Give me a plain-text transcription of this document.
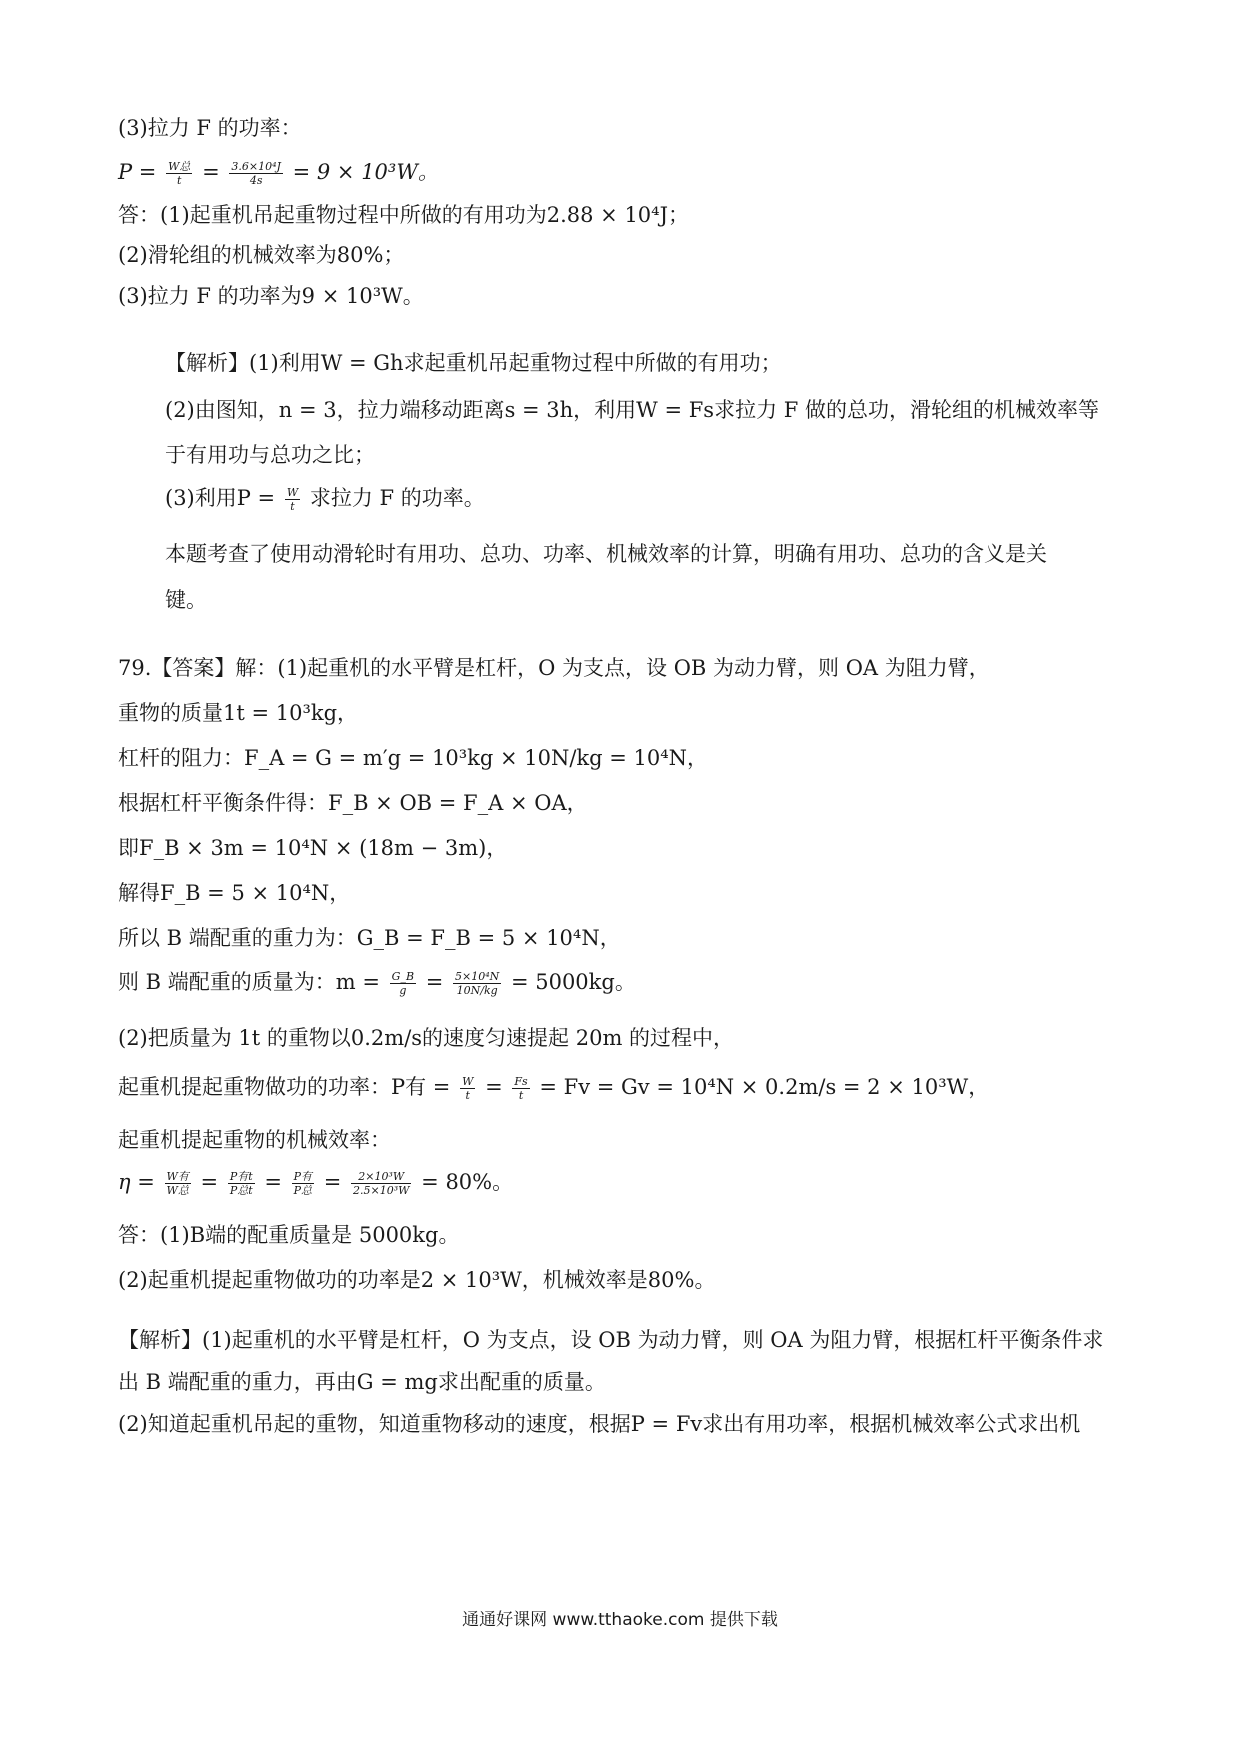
(3)拉力 F 的功率：
$P = \frac{\text{W总}}{t} = \frac{\text{3.6×10⁴J}}{4s} = 9 \times 10^3W$。
答：(1)起重机吊起重物过程中所做的有用功为2.88 × 10⁴J；
(2)滑轮组的机械效率为80%；
(3)拉力 F 的功率为9 × 10³W。
【解析】(1)利用W = Gh求起重机吊起重物过程中所做的有用功；
(2)由图知，n = 3，拉力端移动距离s = 3h，利用W = Fs求拉力 F 做的总功，滑轮组的机械效率等
于有用功与总功之比；
(3)利用$P = \frac{W}{t}$ 求拉力 F 的功率。
本题考查了使用动滑轮时有用功、总功、功率、机械效率的计算，明确有用功、总功的含义是关
键。
79.【答案】解：(1)起重机的水平臂是杠杆，O 为支点，设 OB 为动力臂，则 OA 为阻力臂，
重物的质量1t = 10³kg，
杠杆的阻力：F_A = G = m′g = 10³kg × 10N/kg = 10⁴N，
根据杠杆平衡条件得：F_B × OB = F_A × OA，
即F_B × 3m = 10⁴N × (18m − 3m)，
解得F_B = 5 × 10⁴N，
所以 B 端配重的重力为：G_B = F_B = 5 × 10⁴N，
则 B 端配重的质量为：$m = \frac{G\_B}{g} = \frac{\text{5×10⁴N}}{10N/kg} = 5000kg$。
(2)把质量为 1t 的重物以0.2m/s的速度匀速提起 20m 的过程中，
起重机提起重物做功的功率：P有 = $\frac{W}{t} = \frac{Fs}{t} = Fv = Gv = 10^4N \times 0.2m/s = 2 \times 10^3W$，
起重机提起重物的机械效率：
$\eta = \frac{\text{W有}}{\text{W总}} = \frac{\text{P有t}}{\text{P总t}} = \frac{\text{P有}}{\text{P总}} = \frac{\text{2×10³W}}{\text{2.5×10³W}} = 80\%$。
答：(1)B端的配重质量是 5000kg。
(2)起重机提起重物做功的功率是2 × 10³W，机械效率是80%。
【解析】(1)起重机的水平臂是杠杆，O 为支点，设 OB 为动力臂，则 OA 为阻力臂，根据杠杆平衡条件求
出 B 端配重的重力，再由G = mg求出配重的质量。
(2)知道起重机吊起的重物，知道重物移动的速度，根据P = Fv求出有用功率，根据机械效率公式求出机
通通好课网 www.tthaoke.com 提供下载
